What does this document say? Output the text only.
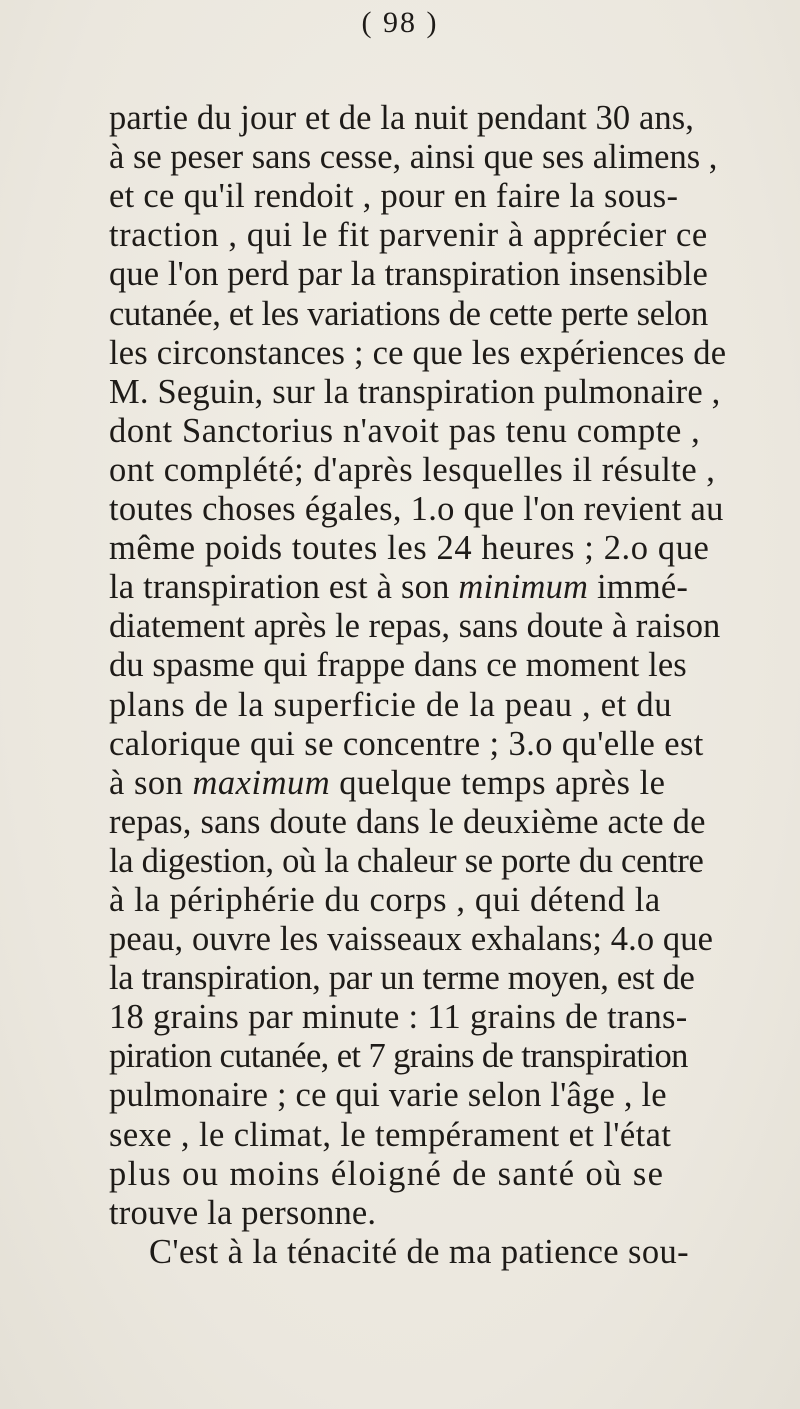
( 98 )
partie du jour et de la nuit pendant 30 ans,
à se peser sans cesse, ainsi que ses alimens ,
et ce qu'il rendoit , pour en faire la sous-
traction , qui le fit parvenir à apprécier ce
que l'on perd par la transpiration insensible
cutanée, et les variations de cette perte selon
les circonstances ; ce que les expériences de
M. Seguin, sur la transpiration pulmonaire ,
dont Sanctorius n'avoit pas tenu compte ,
ont complété; d'après lesquelles il résulte ,
toutes choses égales, 1.o que l'on revient au
même poids toutes les 24 heures ; 2.o que
la transpiration est à son minimum immé-
diatement après le repas, sans doute à raison
du spasme qui frappe dans ce moment les
plans de la superficie de la peau , et du
calorique qui se concentre ; 3.o qu'elle est
à son maximum quelque temps après le
repas, sans doute dans le deuxième acte de
la digestion, où la chaleur se porte du centre
à la périphérie du corps , qui détend la
peau, ouvre les vaisseaux exhalans; 4.o que
la transpiration, par un terme moyen, est de
18 grains par minute : 11 grains de trans-
piration cutanée, et 7 grains de transpiration
pulmonaire ; ce qui varie selon l'âge , le
sexe , le climat, le tempérament et l'état
plus ou moins éloigné de santé où se
trouve la personne.
C'est à la ténacité de ma patience sou-
